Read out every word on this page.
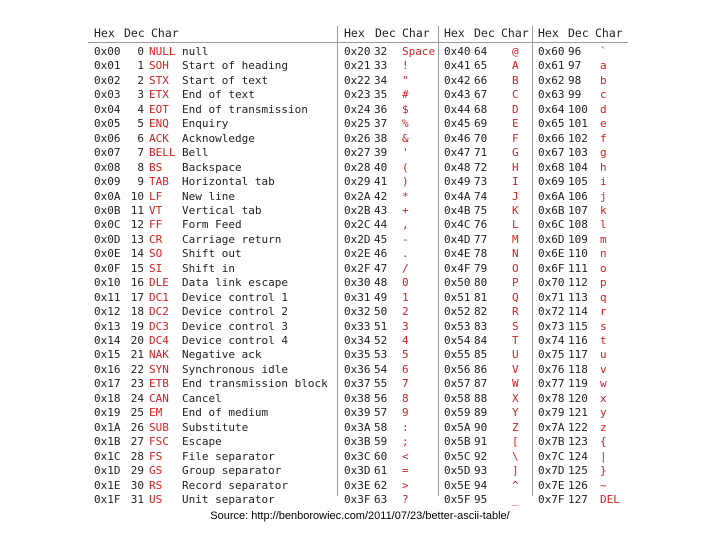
Hex Dec Char	Hex Dec Char Hex Dec Char Hex Dec Char
0x00	0 NULL null	0x20 32 Space 0x40 64 @ 0x60 96 `
0x01	1 SOH Start of heading	0x21 33 !	0x41 65 A 0x61 97 a
0x02	2 STX Start of text	0x22 34 "	0x42 66 B 0x62 98 b
0x03	3 ETX End of text	0x23 35 #	0x43 67 C 0x63 99 c
0x04	4 EOT End of transmission	0x24 36 $	0x44 68 D 0x64 100 d
0x05	5 ENQ Enquiry	0x25 37 %	0x45 69 E 0x65 101 e
0x06	6 ACK Acknowledge	0x26 38 &	0x46 70 F 0x66 102 f
0x07	7 BELL Bell	0x27 39 '	0x47 71 G 0x67 103 g
0x08	8 BS Backspace	0x28 40 (	0x48 72 H 0x68 104 h
0x09	9 TAB Horizontal tab	0x29 41 )	0x49 73 I 0x69 105 i
0x0A 10 LF New line	0x2A 42 *	0x4A 74 J 0x6A 106 j
0x0B 11 VT Vertical tab	0x2B 43 +	0x4B 75 K 0x6B 107 k
0x0C 12 FF Form Feed	0x2C 44 ,	0x4C 76 L 0x6C 108 l
0x0D 13 CR Carriage return	0x2D 45 -	0x4D 77 M 0x6D 109 m
0x0E 14 SO Shift out	0x2E 46 .	0x4E 78 N 0x6E 110 n
0x0F 15 SI Shift in	0x2F 47 /	0x4F 79 O 0x6F 111 o
0x10 16 DLE Data link escape	0x30 48 0	0x50 80 P 0x70 112 p
0x11 17 DC1 Device control 1	0x31 49 1	0x51 81 Q 0x71 113 q
0x12 18 DC2 Device control 2	0x32 50 2	0x52 82 R 0x72 114 r
0x13 19 DC3 Device control 3	0x33 51 3	0x53 83 S 0x73 115 s
0x14 20 DC4 Device control 4	0x34 52 4	0x54 84 T 0x74 116 t
0x15 21 NAK Negative ack	0x35 53 5	0x55 85 U 0x75 117 u
0x16 22 SYN Synchronous idle	0x36 54 6	0x56 86 V 0x76 118 v
0x17 23 ETB End transmission block 0x37 55 7	0x57 87 W 0x77 119 w
0x18 24 CAN Cancel	0x38 56 8	0x58 88 X 0x78 120 x
0x19 25 EM End of medium	0x39 57 9	0x59 89 Y 0x79 121 y
0x1A 26 SUB Substitute	0x3A 58 :	0x5A 90 Z 0x7A 122 z
0x1B 27 FSC Escape	0x3B 59 ;	0x5B 91 [ 0x7B 123 {
0x1C 28 FS File separator	0x3C 60 <	0x5C 92 \ 0x7C 124 |
0x1D 29 GS Group separator	0x3D 61 =	0x5D 93 ] 0x7D 125 }
0x1E 30 RS Record separator	0x3E 62 >	0x5E 94 ^ 0x7E 126 ~
0x1F 31 US Unit separator	0x3F 63 ?	0x5F 95 _ 0x7F 127 DEL
Source: http://benborowiec.com/2011/07/23/better-ascii-table/
